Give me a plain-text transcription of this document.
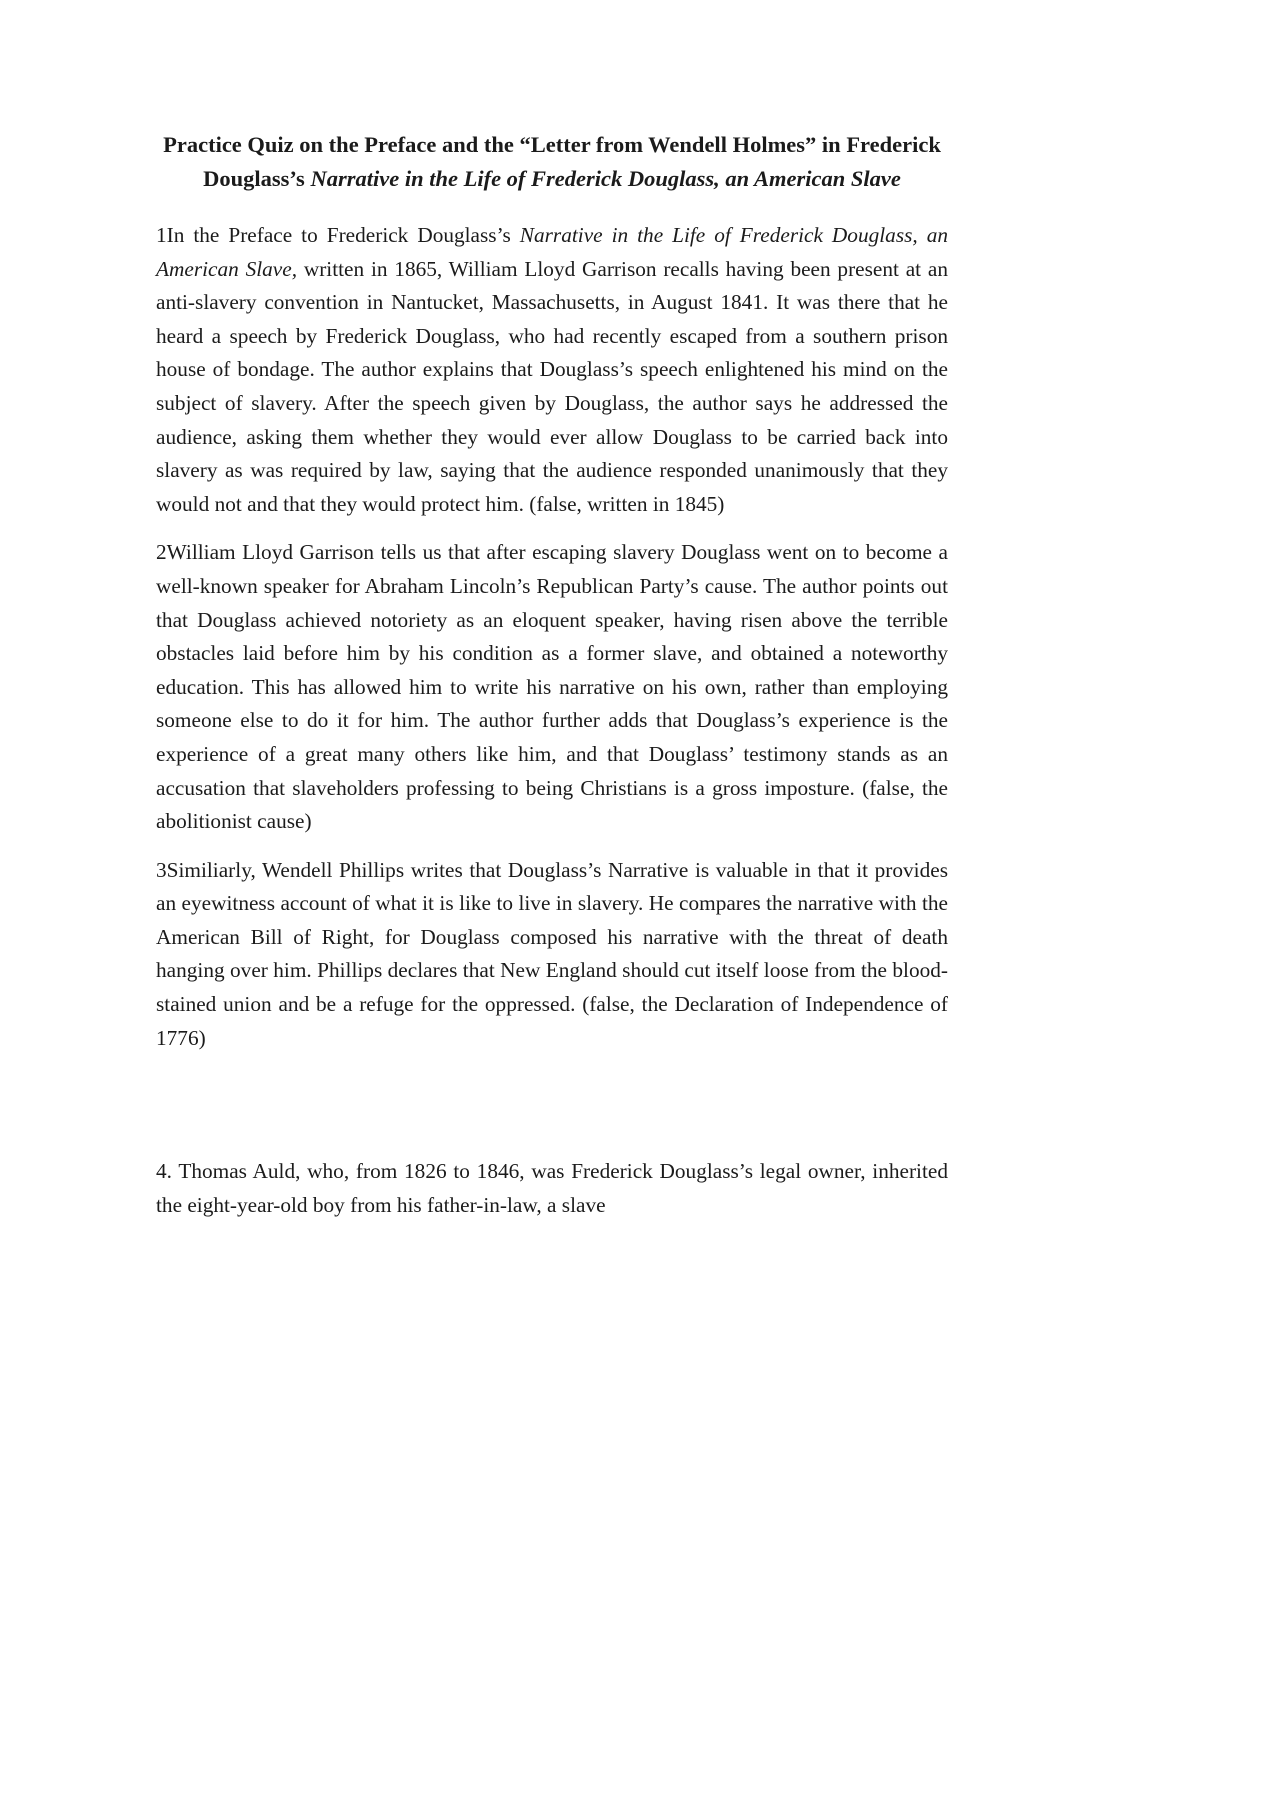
Practice Quiz on the Preface and the “Letter from Wendell Holmes” in Frederick Douglass’s Narrative in the Life of Frederick Douglass, an American Slave

1In the Preface to Frederick Douglass’s Narrative in the Life of Frederick Douglass, an American Slave, written in 1865, William Lloyd Garrison recalls having been present at an anti-slavery convention in Nantucket, Massachusetts, in August 1841. It was there that he heard a speech by Frederick Douglass, who had recently escaped from a southern prison house of bondage. The author explains that Douglass’s speech enlightened his mind on the subject of slavery. After the speech given by Douglass, the author says he addressed the audience, asking them whether they would ever allow Douglass to be carried back into slavery as was required by law, saying that the audience responded unanimously that they would not and that they would protect him. (false, written in 1845)

2William Lloyd Garrison tells us that after escaping slavery Douglass went on to become a well-known speaker for Abraham Lincoln’s Republican Party’s cause. The author points out that Douglass achieved notoriety as an eloquent speaker, having risen above the terrible obstacles laid before him by his condition as a former slave, and obtained a noteworthy education. This has allowed him to write his narrative on his own, rather than employing someone else to do it for him. The author further adds that Douglass’s experience is the experience of a great many others like him, and that Douglass’ testimony stands as an accusation that slaveholders professing to being Christians is a gross imposture. (false, the abolitionist cause)

3Similiarly, Wendell Phillips writes that Douglass’s Narrative is valuable in that it provides an eyewitness account of what it is like to live in slavery. He compares the narrative with the American Bill of Right, for Douglass composed his narrative with the threat of death hanging over him. Phillips declares that New England should cut itself loose from the blood-stained union and be a refuge for the oppressed. (false, the Declaration of Independence of 1776)

4. Thomas Auld, who, from 1826 to 1846, was Frederick Douglass’s legal owner, inherited the eight-year-old boy from his father-in-law, a slave
